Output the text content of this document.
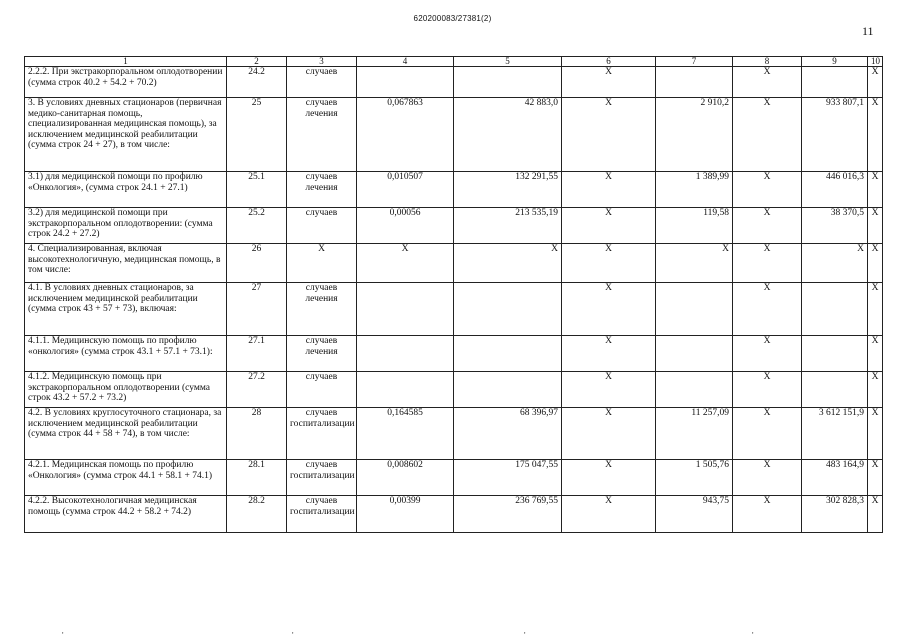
620200083/27381(2)
11
1	2	3	4	5	6	7	8	9	10
2.2.2. При экстракорпоральном оплодотворении (сумма строк 40.2 + 54.2 + 70.2)	24.2	случаев			X		X		X
3. В условиях дневных стационаров (первичная медико-санитарная помощь, специализированная медицинская помощь), за исключением медицинской реабилитации (сумма строк 24 + 27), в том числе:	25	случаев лечения	0,067863	42 883,0	X	2 910,2	X	933 807,1	X
3.1) для медицинской помощи по профилю «Онкология», (сумма строк 24.1 + 27.1)	25.1	случаев лечения	0,010507	132 291,55	X	1 389,99	X	446 016,3	X
3.2) для медицинской помощи при экстракорпоральном оплодотворении: (сумма строк 24.2 + 27.2)	25.2	случаев	0,00056	213 535,19	X	119,58	X	38 370,5	X
4. Специализированная, включая высокотехнологичную, медицинская помощь, в том числе:	26	X	X	X	X	X	X	X	X
4.1. В условиях дневных стационаров, за исключением медицинской реабилитации (сумма строк 43 + 57 + 73), включая:	27	случаев лечения			X		X		X
4.1.1. Медицинскую помощь по профилю «онкология» (сумма строк 43.1 + 57.1 + 73.1):	27.1	случаев лечения			X		X		X
4.1.2. Медицинскую помощь при экстракорпоральном оплодотворении (сумма строк 43.2 + 57.2 + 73.2)	27.2	случаев			X		X		X
4.2. В условиях круглосуточного стационара, за исключением медицинской реабилитации (сумма строк 44 + 58 + 74), в том числе:	28	случаев госпитализации	0,164585	68 396,97	X	11 257,09	X	3 612 151,9	X
4.2.1. Медицинская помощь по профилю «Онкология» (сумма строк 44.1 + 58.1 + 74.1)	28.1	случаев госпитализации	0,008602	175 047,55	X	1 505,76	X	483 164,9	X
4.2.2. Высокотехнологичная медицинская помощь (сумма строк 44.2 + 58.2 + 74.2)	28.2	случаев госпитализации	0,00399	236 769,55	X	943,75	X	302 828,3	X
'	'	'	'
